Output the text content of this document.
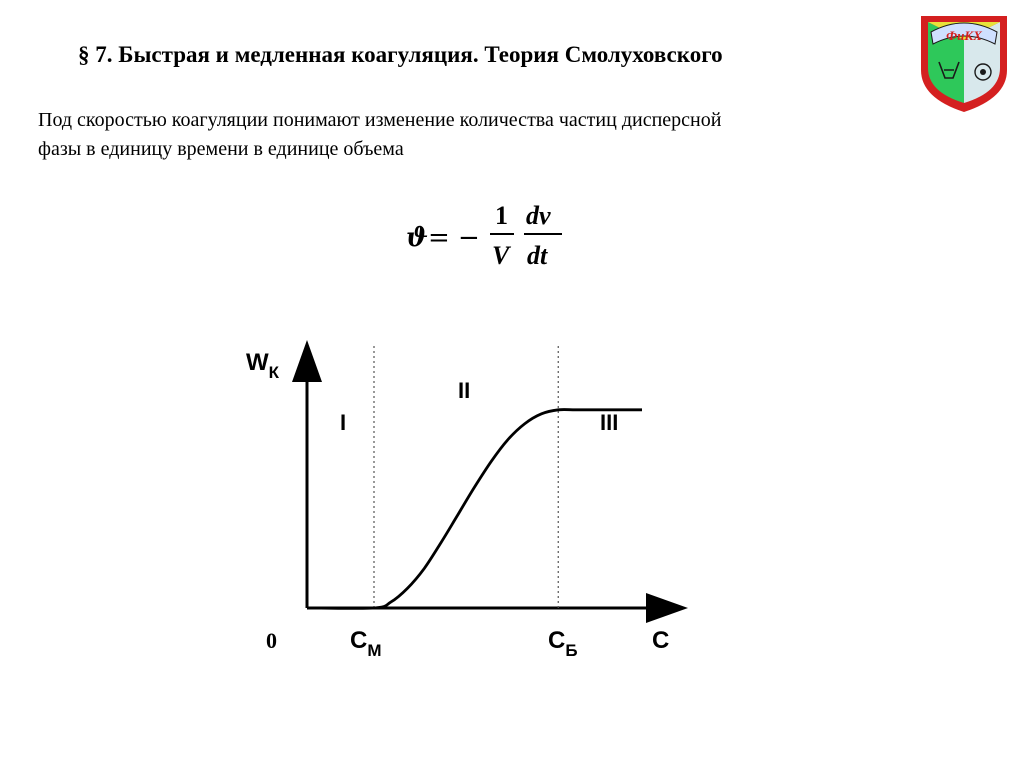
§ 7. Быстрая и медленная коагуляция. Теория Смолуховского
Под скоростью коагуляции понимают изменение количества частиц дисперсной
фазы в единицу времени в единице объема
ϑ = −
1
V
dν
dt
ФиКХ
$W_К$
I
II
III
0	$C_М$	$C_Б$	C
